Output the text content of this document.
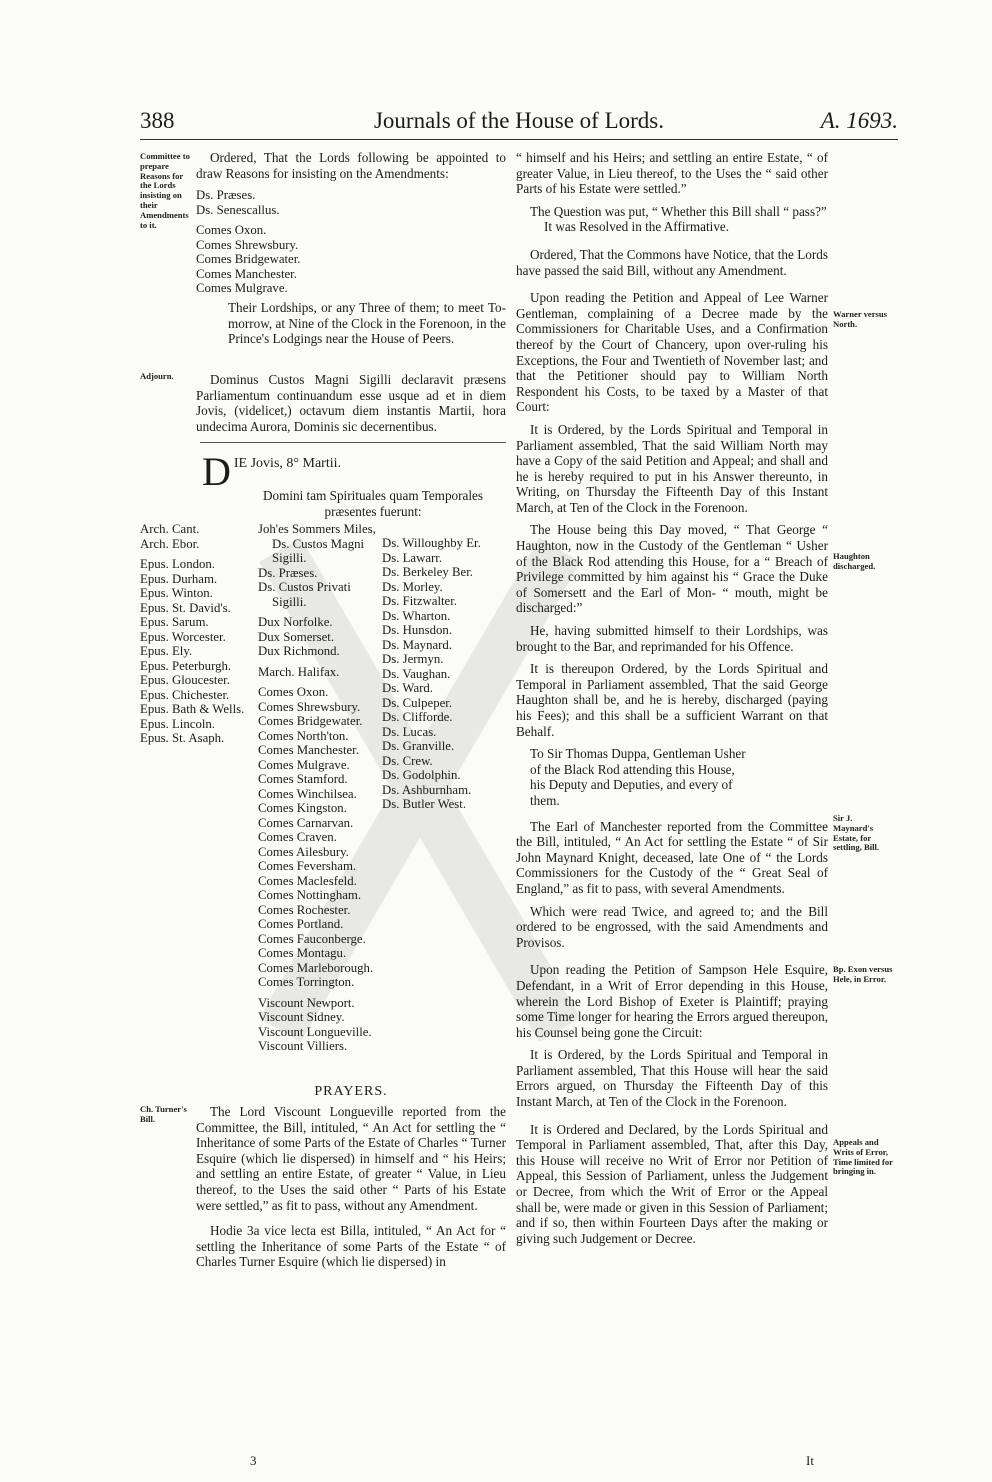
388	Journals of the House of Lords.	A. 1693.
Committee to prepare Reasons for the Lords insisting on their Amendments to it.
Adjourn.
Ch. Turner's Bill.
Warner versus North.
Haughton discharged.
Sir J. Maynard's Estate, for settling, Bill.
Bp. Exon versus Hele, in Error.
Appeals and Writs of Error, Time limited for bringing in.

Ordered, That the Lords following be appointed to draw Reasons for insisting on the Amendments:

Ds. Præses.
Ds. Senescallus.
Comes Oxon.
Comes Shrewsbury.
Comes Bridgewater.
Comes Manchester.
Comes Mulgrave.

Their Lordships, or any Three of them; to meet To-morrow, at Nine of the Clock in the Forenoon, in the Prince's Lodgings near the House of Peers.

Dominus Custos Magni Sigilli declaravit præsens Parliamentum continuandum esse usque ad et in diem Jovis, (videlicet,) octavum diem instantis Martii, hora undecima Aurora, Dominis sic decernentibus.

D IE Jovis, 8° Martii.
Domini tam Spirituales quam Temporales præsentes fuerunt:
Arch. Cant.
Arch. Ebor.
Epus. London.
Epus. Durham.
Epus. Winton.
Epus. St. David's.
Epus. Sarum.
Epus. Worcester.
Epus. Ely.
Epus. Peterburgh.
Epus. Gloucester.
Epus. Chichester.
Epus. Bath & Wells.
Epus. Lincoln.
Epus. St. Asaph.
Joh'es Sommers Miles,
Ds. Custos Magni
Sigilli.
Ds. Præses.
Ds. Custos Privati
Sigilli.
Dux Norfolke.
Dux Somerset.
Dux Richmond.
March. Halifax.
Comes Oxon.
Comes Shrewsbury.
Comes Bridgewater.
Comes North'ton.
Comes Manchester.
Comes Mulgrave.
Comes Stamford.
Comes Winchilsea.
Comes Kingston.
Comes Carnarvan.
Comes Craven.
Comes Ailesbury.
Comes Feversham.
Comes Maclesfeld.
Comes Nottingham.
Comes Rochester.
Comes Portland.
Comes Fauconberge.
Comes Montagu.
Comes Marleborough.
Comes Torrington.
Viscount Newport.
Viscount Sidney.
Viscount Longueville.
Viscount Villiers.
Ds. Willoughby Er.
Ds. Lawarr.
Ds. Berkeley Ber.
Ds. Morley.
Ds. Fitzwalter.
Ds. Wharton.
Ds. Hunsdon.
Ds. Maynard.
Ds. Jermyn.
Ds. Vaughan.
Ds. Ward.
Ds. Culpeper.
Ds. Clifforde.
Ds. Lucas.
Ds. Granville.
Ds. Crew.
Ds. Godolphin.
Ds. Ashburnham.
Ds. Butler West.
PRAYERS.

The Lord Viscount Longueville reported from the Committee, the Bill, intituled, “ An Act for settling the “ Inheritance of some Parts of the Estate of Charles “ Turner Esquire (which lie dispersed) in himself and “ his Heirs; and settling an entire Estate, of greater “ Value, in Lieu thereof, to the Uses the said other “ Parts of his Estate were settled,” as fit to pass, without any Amendment.

Hodie 3a vice lecta est Billa, intituled, “ An Act for “ settling the Inheritance of some Parts of the Estate “ of Charles Turner Esquire (which lie dispersed) in

“ himself and his Heirs; and settling an entire Estate, “ of greater Value, in Lieu thereof, to the Uses the “ said other Parts of his Estate were settled.”

The Question was put, “ Whether this Bill shall “ pass?”

It was Resolved in the Affirmative.

Ordered, That the Commons have Notice, that the Lords have passed the said Bill, without any Amendment.

Upon reading the Petition and Appeal of Lee Warner Gentleman, complaining of a Decree made by the Commissioners for Charitable Uses, and a Confirmation thereof by the Court of Chancery, upon over-ruling his Exceptions, the Four and Twentieth of November last; and that the Petitioner should pay to William North Respondent his Costs, to be taxed by a Master of that Court:

It is Ordered, by the Lords Spiritual and Temporal in Parliament assembled, That the said William North may have a Copy of the said Petition and Appeal; and shall and he is hereby required to put in his Answer thereunto, in Writing, on Thursday the Fifteenth Day of this Instant March, at Ten of the Clock in the Forenoon.

The House being this Day moved, “ That George “ Haughton, now in the Custody of the Gentleman “ Usher of the Black Rod attending this House, for a “ Breach of Privilege committed by him against his “ Grace the Duke of Somersett and the Earl of Mon- “ mouth, might be discharged:”

He, having submitted himself to their Lordships, was brought to the Bar, and reprimanded for his Offence.

It is thereupon Ordered, by the Lords Spiritual and Temporal in Parliament assembled, That the said George Haughton shall be, and he is hereby, discharged (paying his Fees); and this shall be a sufficient Warrant on that Behalf.

To Sir Thomas Duppa, Gentleman Usher of the Black Rod attending this House, his Deputy and Deputies, and every of them.

The Earl of Manchester reported from the Committee the Bill, intituled, “ An Act for settling the Estate “ of Sir John Maynard Knight, deceased, late One of “ the Lords Commissioners for the Custody of the “ Great Seal of England,” as fit to pass, with several Amendments.

Which were read Twice, and agreed to; and the Bill ordered to be engrossed, with the said Amendments and Provisos.

Upon reading the Petition of Sampson Hele Esquire, Defendant, in a Writ of Error depending in this House, wherein the Lord Bishop of Exeter is Plaintiff; praying some Time longer for hearing the Errors argued thereupon, his Counsel being gone the Circuit:

It is Ordered, by the Lords Spiritual and Temporal in Parliament assembled, That this House will hear the said Errors argued, on Thursday the Fifteenth Day of this Instant March, at Ten of the Clock in the Forenoon.

It is Ordered and Declared, by the Lords Spiritual and Temporal in Parliament assembled, That, after this Day, this House will receive no Writ of Error nor Petition of Appeal, this Session of Parliament, unless the Judgement or Decree, from which the Writ of Error or the Appeal shall be, were made or given in this Session of Parliament; and if so, then within Fourteen Days after the making or giving such Judgement or Decree.

3	It
